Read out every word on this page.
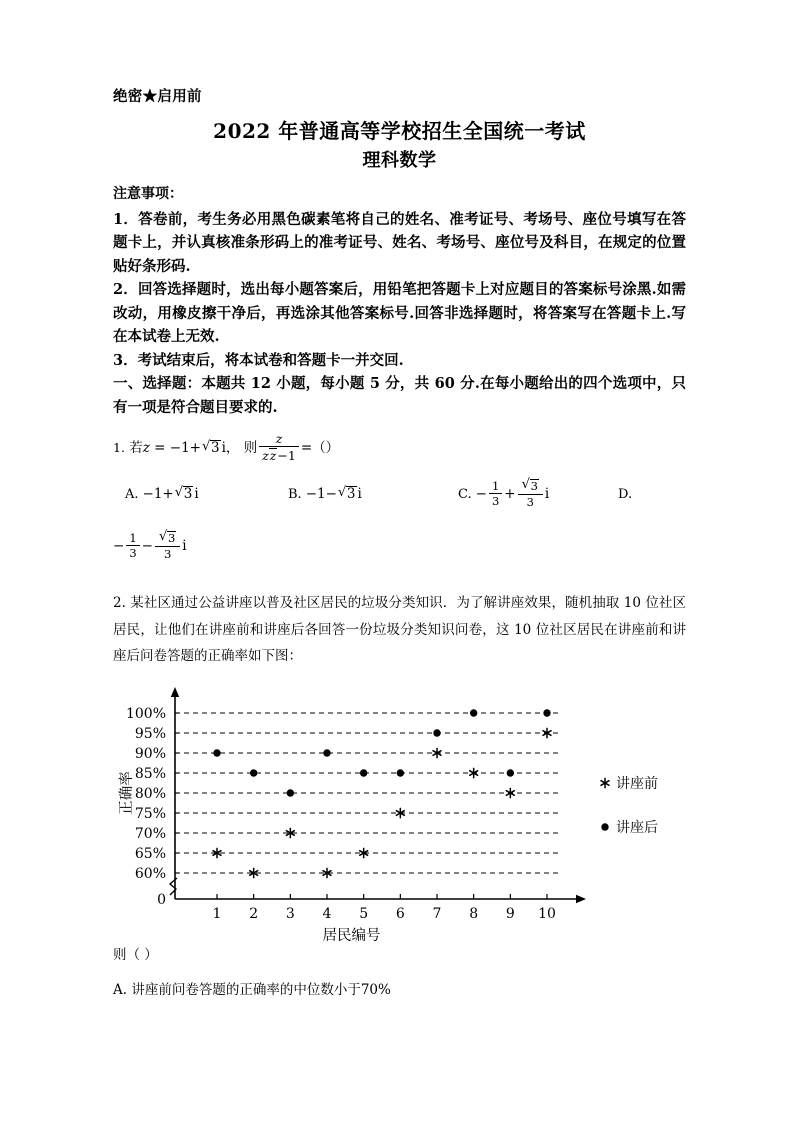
绝密★启用前
2022 年普通高等学校招生全国统一考试
理科数学
注意事项：
1．答卷前，考生务必用黑色碳素笔将自己的姓名、准考证号、考场号、座位号填写在答题卡上，并认真核准条形码上的准考证号、姓名、考场号、座位号及科目，在规定的位置贴好条形码.
2．回答选择题时，选出每小题答案后，用铅笔把答题卡上对应题目的答案标号涂黑.如需改动，用橡皮擦干净后，再选涂其他答案标号.回答非选择题时，将答案写在答题卡上.写在本试卷上无效.
3．考试结束后，将本试卷和答题卡一并交回.
一、选择题：本题共 12 小题，每小题 5 分，共 60 分.在每小题给出的四个选项中，只有一项是符合题目要求的.
1. 若z = −1+ √ 3 i， 则 $\frac{z}{zz-1}$ =（）
A. −1+ √ 3 i	B. −1− √ 3 i	C. − $\frac{1}{3}$ + √ $\frac{3}{3}$ i	D.
− $\frac{1}{3}$ − √ $\frac{3}{3}$ i
2. 某社区通过公益讲座以普及社区居民的垃圾分类知识．为了解讲座效果，随机抽取 10 位社区居民，让他们在讲座前和讲座后各回答一份垃圾分类知识问卷，这 10 位社区居民在讲座前和讲座后问卷答题的正确率如下图：
0
60%
65%
70%
75%
80%
85%
90%
95%
100%
1 2 3 4 5 6 7 8 9 10
居民编号
正确率	讲座前
讲座后
则（ ）
A. 讲座前问卷答题的正确率的中位数小于70%
